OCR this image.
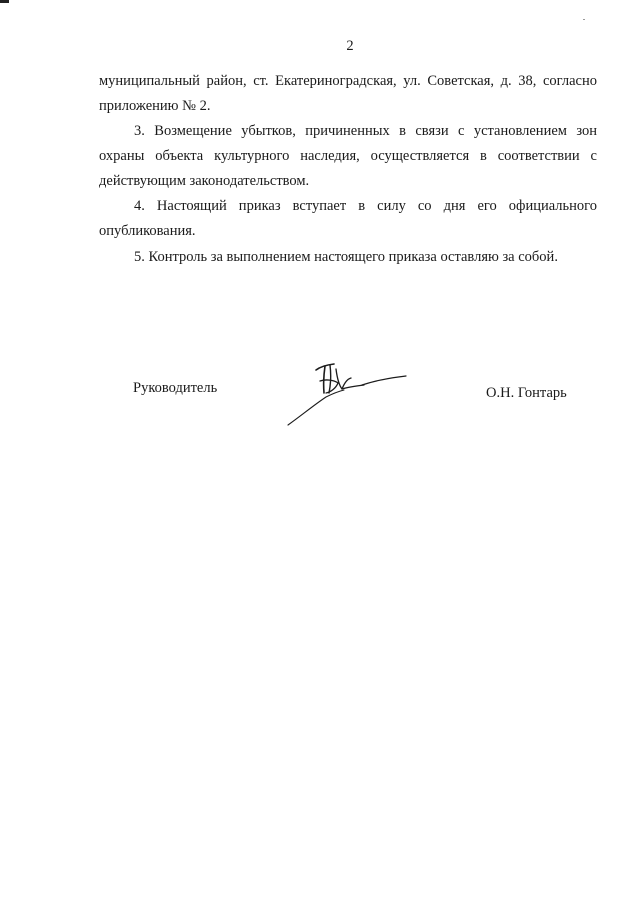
2

муниципальный район, ст. Екатериноградская, ул. Советская, д. 38, согласно приложению № 2.

3. Возмещение убытков, причиненных в связи с установлением зон охраны объекта культурного наследия, осуществляется в соответствии с действующим законодательством.

4. Настоящий приказ вступает в силу со дня его официального опубликования.

5. Контроль за выполнением настоящего приказа оставляю за собой.

Руководитель	О.Н. Гонтарь
